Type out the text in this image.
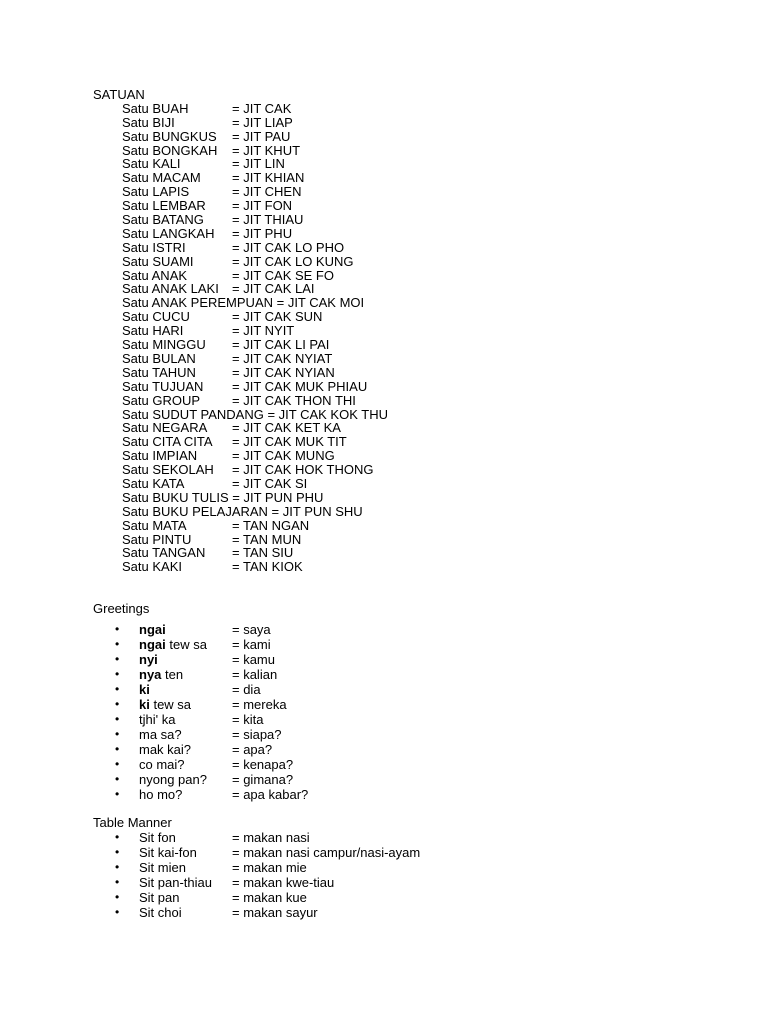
SATUAN
Satu BUAH	= JIT CAK
Satu BIJI	= JIT LIAP
Satu BUNGKUS = JIT PAU
Satu BONGKAH = JIT KHUT
Satu KALI	= JIT LIN
Satu MACAM = JIT KHIAN
Satu LAPIS	= JIT CHEN
Satu LEMBAR = JIT FON
Satu BATANG = JIT THIAU
Satu LANGKAH = JIT PHU
Satu ISTRI	= JIT CAK LO PHO
Satu SUAMI	= JIT CAK LO KUNG
Satu ANAK	= JIT CAK SE FO
Satu ANAK LAKI = JIT CAK LAI
Satu ANAK PEREMPUAN = JIT CAK MOI
Satu CUCU	= JIT CAK SUN
Satu HARI	= JIT NYIT
Satu MINGGU = JIT CAK LI PAI
Satu BULAN	= JIT CAK NYIAT
Satu TAHUN	= JIT CAK NYIAN
Satu TUJUAN = JIT CAK MUK PHIAU
Satu GROUP = JIT CAK THON THI
Satu SUDUT PANDANG = JIT CAK KOK THU
Satu NEGARA = JIT CAK KET KA
Satu CITA CITA = JIT CAK MUK TIT
Satu IMPIAN	= JIT CAK MUNG
Satu SEKOLAH = JIT CAK HOK THONG
Satu KATA	= JIT CAK SI
Satu BUKU TULIS = JIT PUN PHU
Satu BUKU PELAJARAN = JIT PUN SHU
Satu MATA	= TAN NGAN
Satu PINTU	= TAN MUN
Satu TANGAN = TAN SIU
Satu KAKI	= TAN KIOK
Greetings
• ngai	= saya
• ngai tew sa = kami
• nyi	= kamu
• nya ten	= kalian
• ki	= dia
• ki tew sa	= mereka
• tjhi' ka	= kita
• ma sa?	= siapa?
• mak kai?	= apa?
• co mai?	= kenapa?
• nyong pan? = gimana?
• ho mo?	= apa kabar?
Table Manner
• Sit fon	= makan nasi
• Sit kai-fon	= makan nasi campur/nasi-ayam
• Sit mien	= makan mie
• Sit pan-thiau = makan kwe-tiau
• Sit pan	= makan kue
• Sit choi	= makan sayur
